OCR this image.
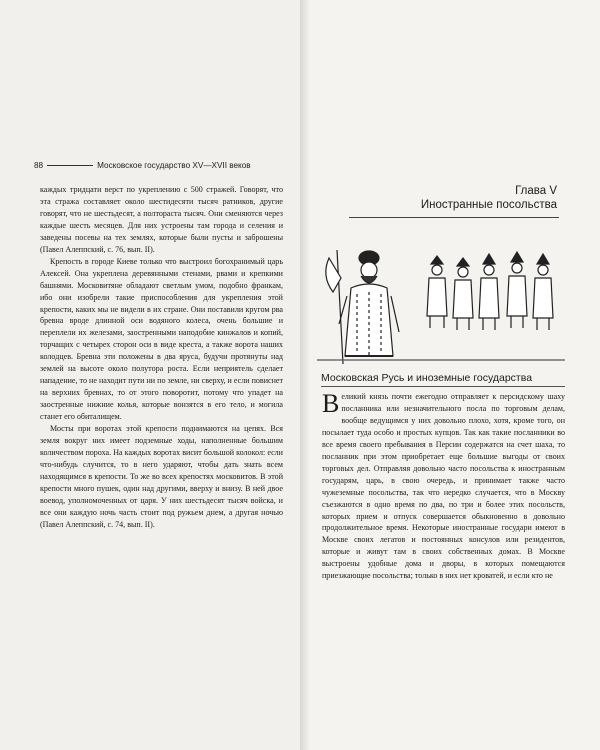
88	Московское государство XV—XVII веков

каждых тридцати верст по укреплению с 500 стражей. Говорят, что эта стража составляет около шестидесяти тысяч ратников, другие говорят, что не шестьдесят, а полтораста тысяч. Они сменяются через каждые шесть месяцев. Для них устроены там города и селения и заведены посевы на тех землях, которые были пусты и заброшены (Павел Алеппский, с. 76, вып. II).

Крепость в городе Киеве только что выстроил богохранимый царь Алексей. Она укреплена деревянными стенами, рвами и крепкими башнями. Московитяне обладают светлым умом, подобно франкам, ибо они изобрели такие приспособления для укрепления этой крепости, каких мы не видели в их стране. Они поставили кругом рва бревна вроде длинной оси водяного колеса, очень большие и переплели их железами, заостренными наподобие кинжалов и копий, торчащих с четырех сторон оси в виде креста, а также ворота наших колодцев. Бревна эти положены в два яруса, будучи протянуты над землей на высоте около полутора роста. Если неприятель сделает нападение, то не находит пути ни по земле, ни сверху, и если повиснет на верхних бревнах, то от этого поворотит, потому что упадет на заостренные нижние колья, которые вонзятся в его тело, и могила станет его обиталищем.

Мосты при воротах этой крепости поднимаются на цепях. Вся земля вокруг них имеет подземные ходы, наполненные большим количеством пороха. На каждых воротах висит большой колокол: если что-нибудь случится, то в него ударяют, чтобы дать знать всем находящимся в крепости. То же во всех крепостях московитов. В этой крепости много пушек, один над другими, вверху и внизу. В ней двое воевод, уполномоченных от царя. У них шестьдесят тысяч войска, и все они каждую ночь часть стоит под ружьем днем, а другая ночью (Павел Алеппский, с. 74, вып. II).

Глава V
Иностранные посольства
Московская Русь и иноземные государства

Великий князь почти ежегодно отправляет к персидскому шаху посланника или незначительного посла по торговым делам, вообще ведущимся у них довольно плохо, хотя, кроме того, он посылает туда особо и простых купцов. Так как такие посланники во все время своего пребывания в Персии содержатся на счет шаха, то посланник при этом приобретает еще большие выгоды от своих торговых дел. Отправляя довольно часто посольства к иностранным государям, царь, в свою очередь, и принимает также часто чужеземные посольства, так что нередко случается, что в Москву съезжаются в одно время по два, по три и более этих посольств, которых прием и отпуск совершается обыкновенно в довольно продолжительное время. Некоторые иностранные государи имеют в Москве своих легатов и постоянных консулов или резидентов, которые и живут там в своих собственных домах. В Москве выстроены удобные дома и дворы, в которых помещаются приезжающие посольства; только в них нет кроватей, и если кто не
